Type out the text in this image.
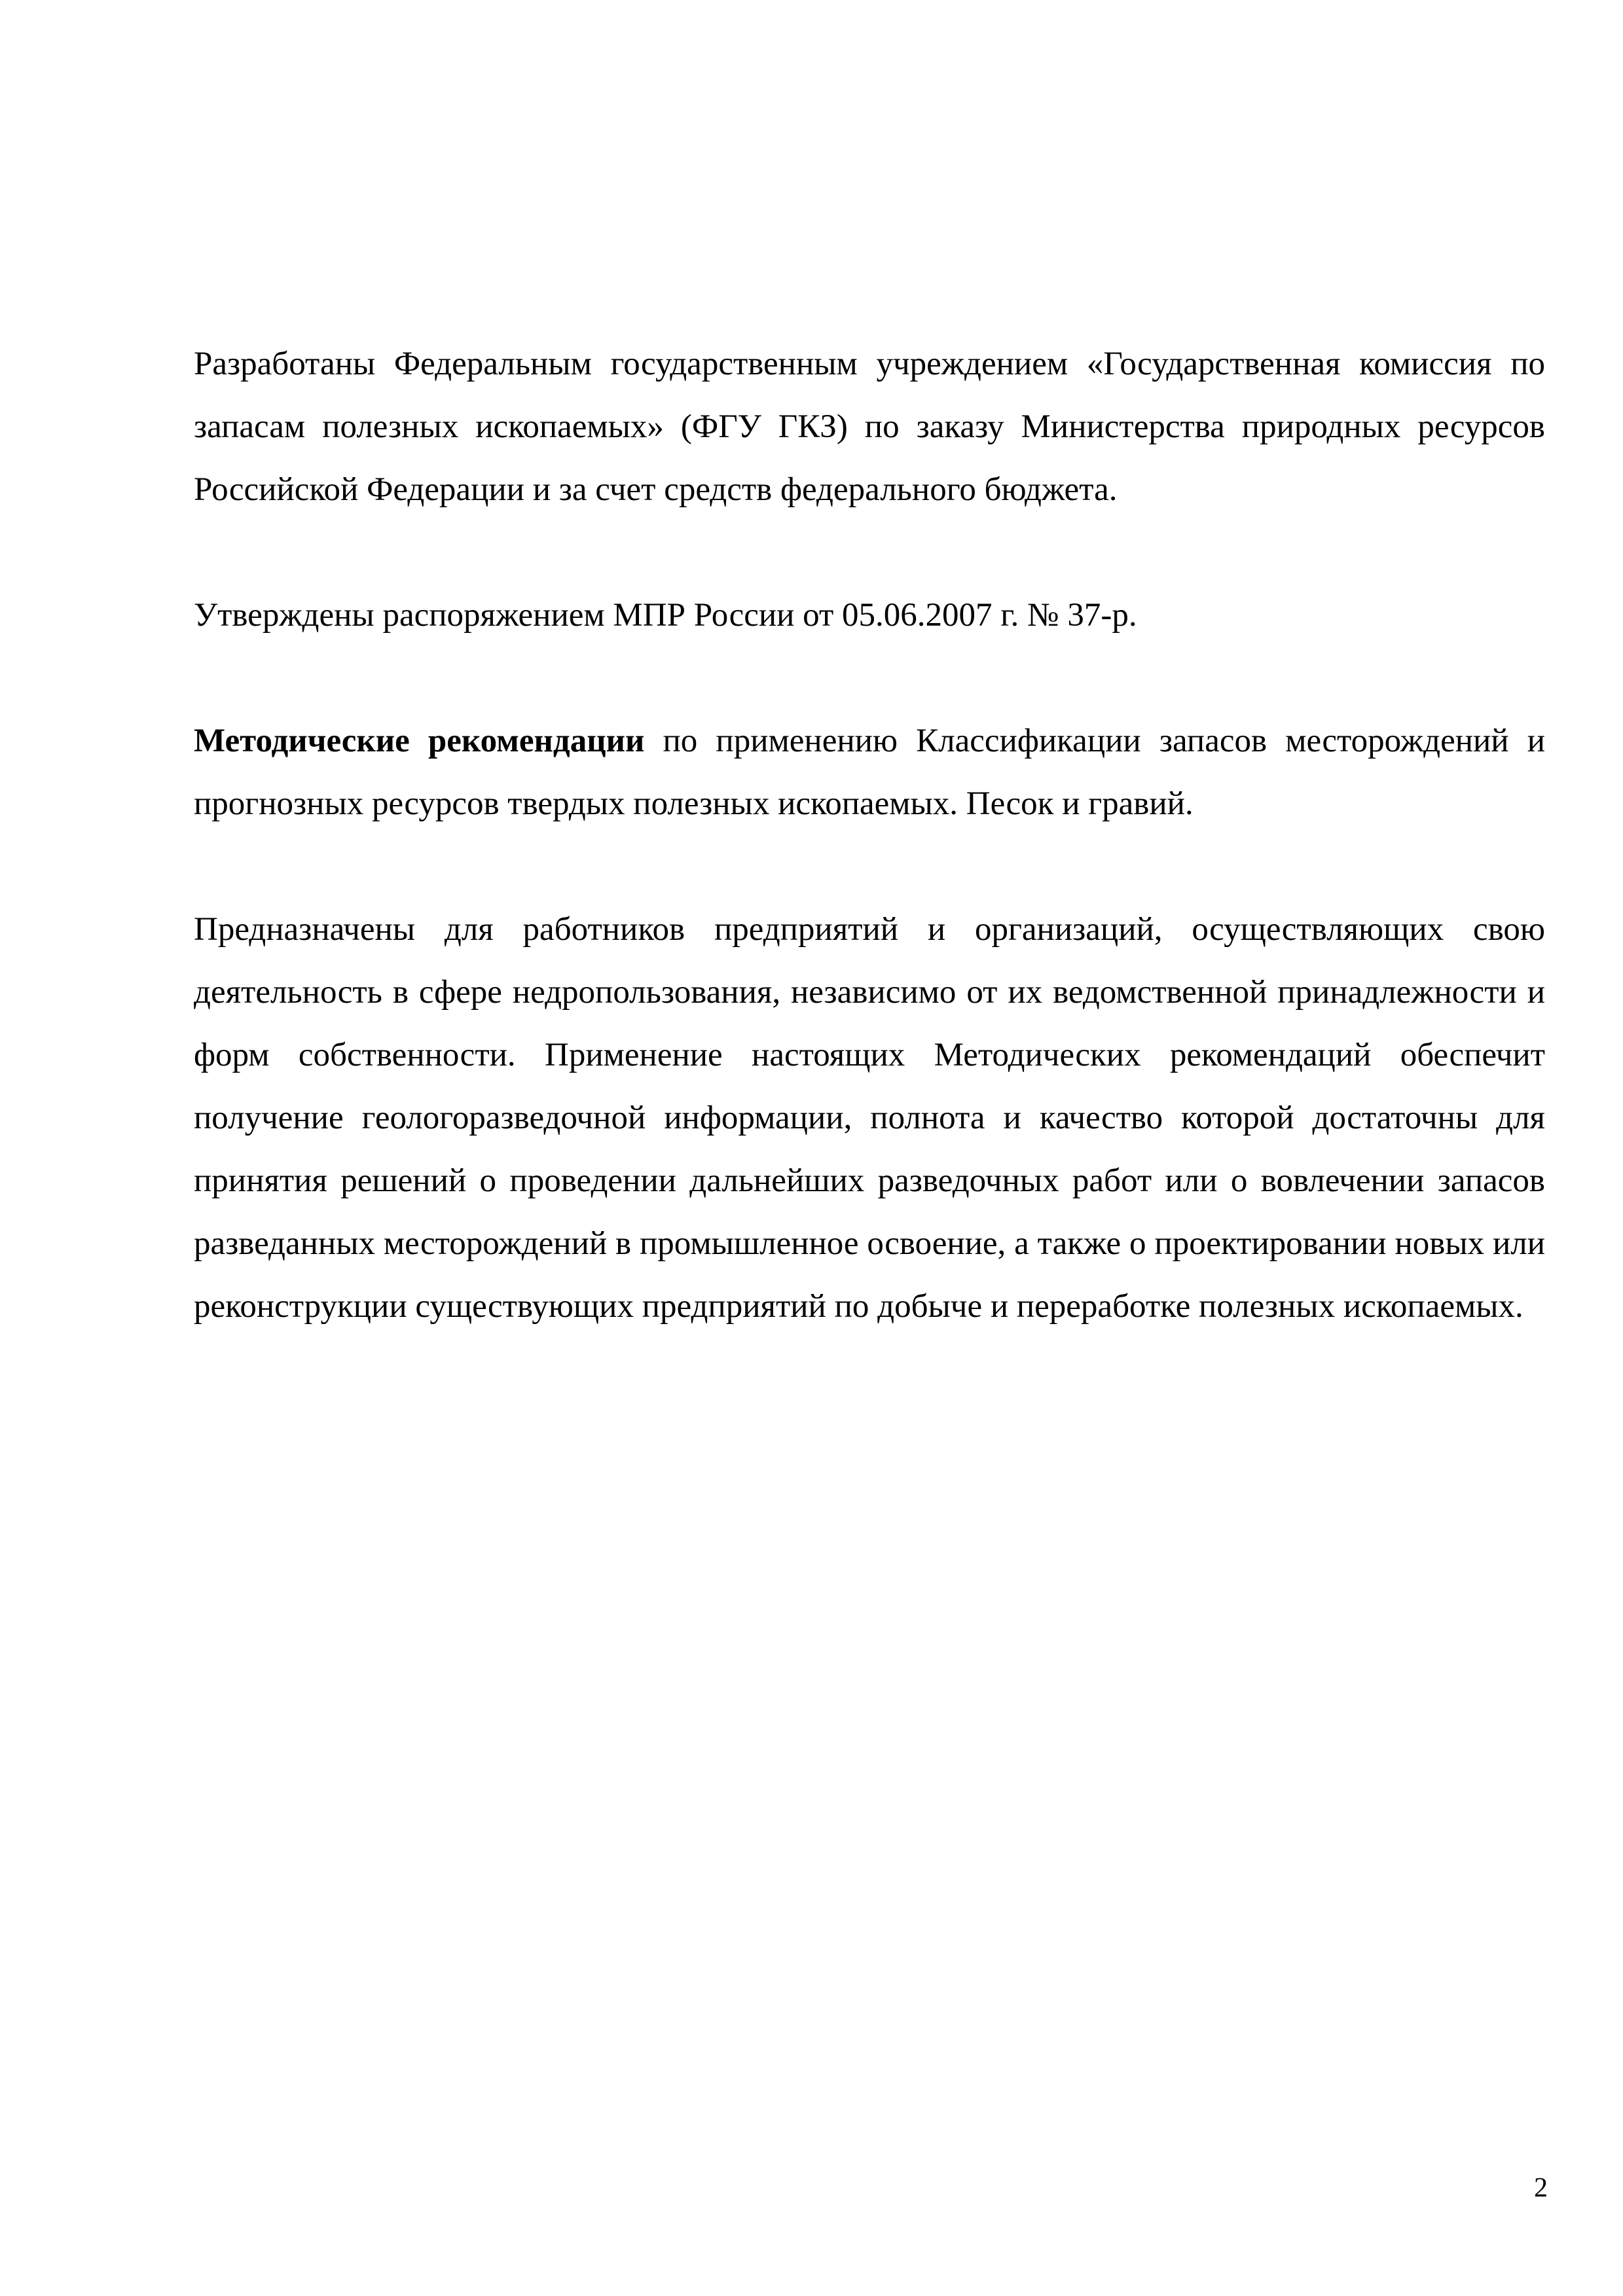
Разработаны Федеральным государственным учреждением «Государственная комиссия по запасам полезных ископаемых» (ФГУ ГКЗ) по заказу Министерства природных ресурсов Российской Федерации и за счет средств федерального бюджета.

Утверждены распоряжением МПР России от 05.06.2007 г. № 37-р.

Методические рекомендации по применению Классификации запасов месторождений и прогнозных ресурсов твердых полезных ископаемых. Песок и гравий.

Предназначены для работников предприятий и организаций, осуществляющих свою деятельность в сфере недропользования, независимо от их ведомственной принадлежности и форм собственности. Применение настоящих Методических рекомендаций обеспечит получение геологоразведочной информации, полнота и качество которой достаточны для принятия решений о проведении дальнейших разведочных работ или о вовлечении запасов разведанных месторождений в промышленное освоение, а также о проектировании новых или реконструкции существующих предприятий по добыче и переработке полезных ископаемых.

2
